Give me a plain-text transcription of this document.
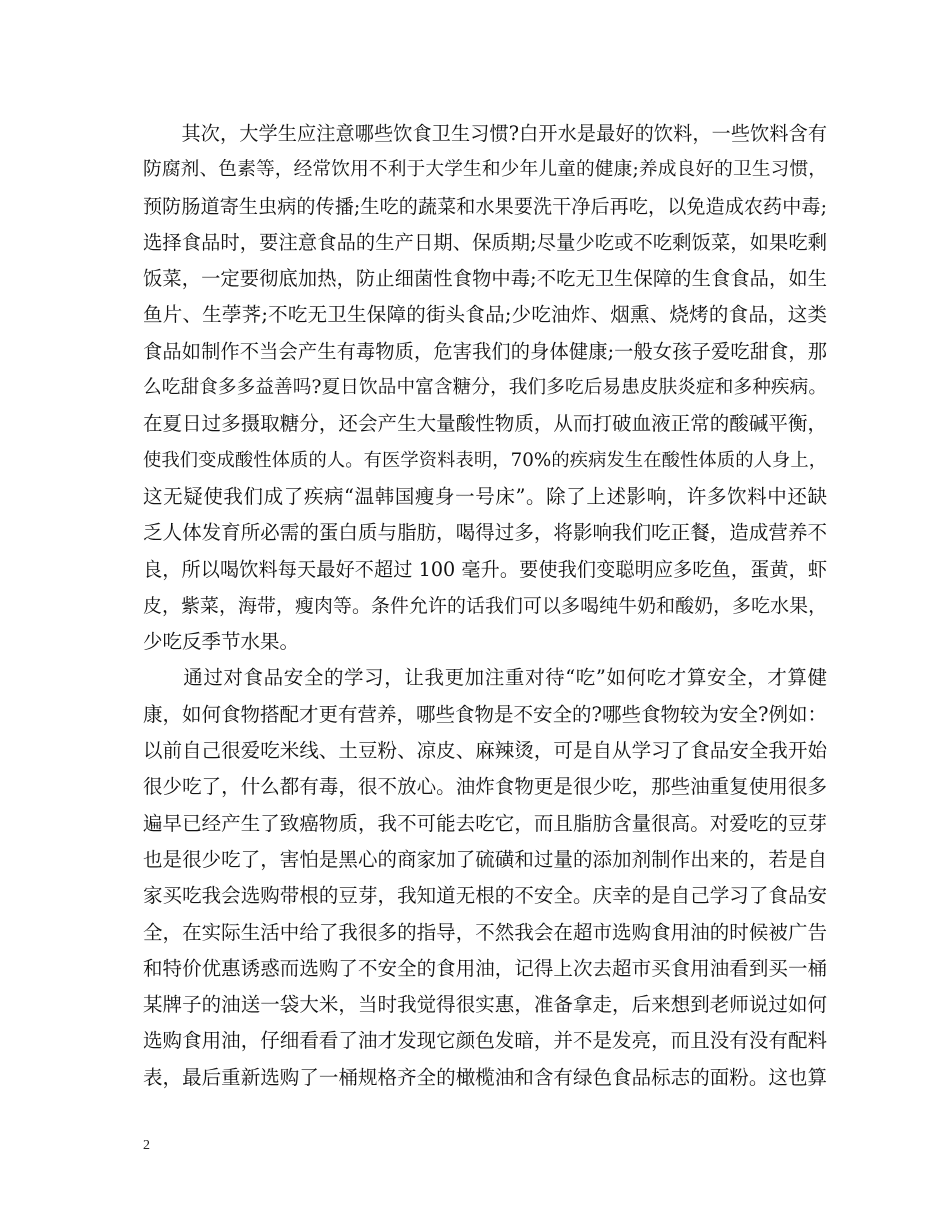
　　其次，大学生应注意哪些饮食卫生习惯?白开水是最好的饮料，一些饮料含有
防腐剂、色素等，经常饮用不利于大学生和少年儿童的健康;养成良好的卫生习惯，
预防肠道寄生虫病的传播;生吃的蔬菜和水果要洗干净后再吃，以免造成农药中毒;
选择食品时，要注意食品的生产日期、保质期;尽量少吃或不吃剩饭菜，如果吃剩
饭菜，一定要彻底加热，防止细菌性食物中毒;不吃无卫生保障的生食食品，如生
鱼片、生荸荠;不吃无卫生保障的街头食品;少吃油炸、烟熏、烧烤的食品，这类
食品如制作不当会产生有毒物质，危害我们的身体健康;一般女孩子爱吃甜食，那
么吃甜食多多益善吗?夏日饮品中富含糖分，我们多吃后易患皮肤炎症和多种疾病。
在夏日过多摄取糖分，还会产生大量酸性物质，从而打破血液正常的酸碱平衡，
使我们变成酸性体质的人。有医学资料表明，70%的疾病发生在酸性体质的人身上，
这无疑使我们成了疾病“温韩国瘦身一号床”。除了上述影响，许多饮料中还缺
乏人体发育所必需的蛋白质与脂肪，喝得过多，将影响我们吃正餐，造成营养不
良，所以喝饮料每天最好不超过 100 毫升。要使我们变聪明应多吃鱼，蛋黄，虾
皮，紫菜，海带，瘦肉等。条件允许的话我们可以多喝纯牛奶和酸奶，多吃水果，
少吃反季节水果。
　　通过对食品安全的学习，让我更加注重对待“吃”如何吃才算安全，才算健
康，如何食物搭配才更有营养，哪些食物是不安全的?哪些食物较为安全?例如：
以前自己很爱吃米线、土豆粉、凉皮、麻辣烫，可是自从学习了食品安全我开始
很少吃了，什么都有毒，很不放心。油炸食物更是很少吃，那些油重复使用很多
遍早已经产生了致癌物质，我不可能去吃它，而且脂肪含量很高。对爱吃的豆芽
也是很少吃了，害怕是黑心的商家加了硫磺和过量的添加剂制作出来的，若是自
家买吃我会选购带根的豆芽，我知道无根的不安全。庆幸的是自己学习了食品安
全，在实际生活中给了我很多的指导，不然我会在超市选购食用油的时候被广告
和特价优惠诱惑而选购了不安全的食用油，记得上次去超市买食用油看到买一桶
某牌子的油送一袋大米，当时我觉得很实惠，准备拿走，后来想到老师说过如何
选购食用油，仔细看看了油才发现它颜色发暗，并不是发亮，而且没有没有配料
表，最后重新选购了一桶规格齐全的橄榄油和含有绿色食品标志的面粉。这也算
2
